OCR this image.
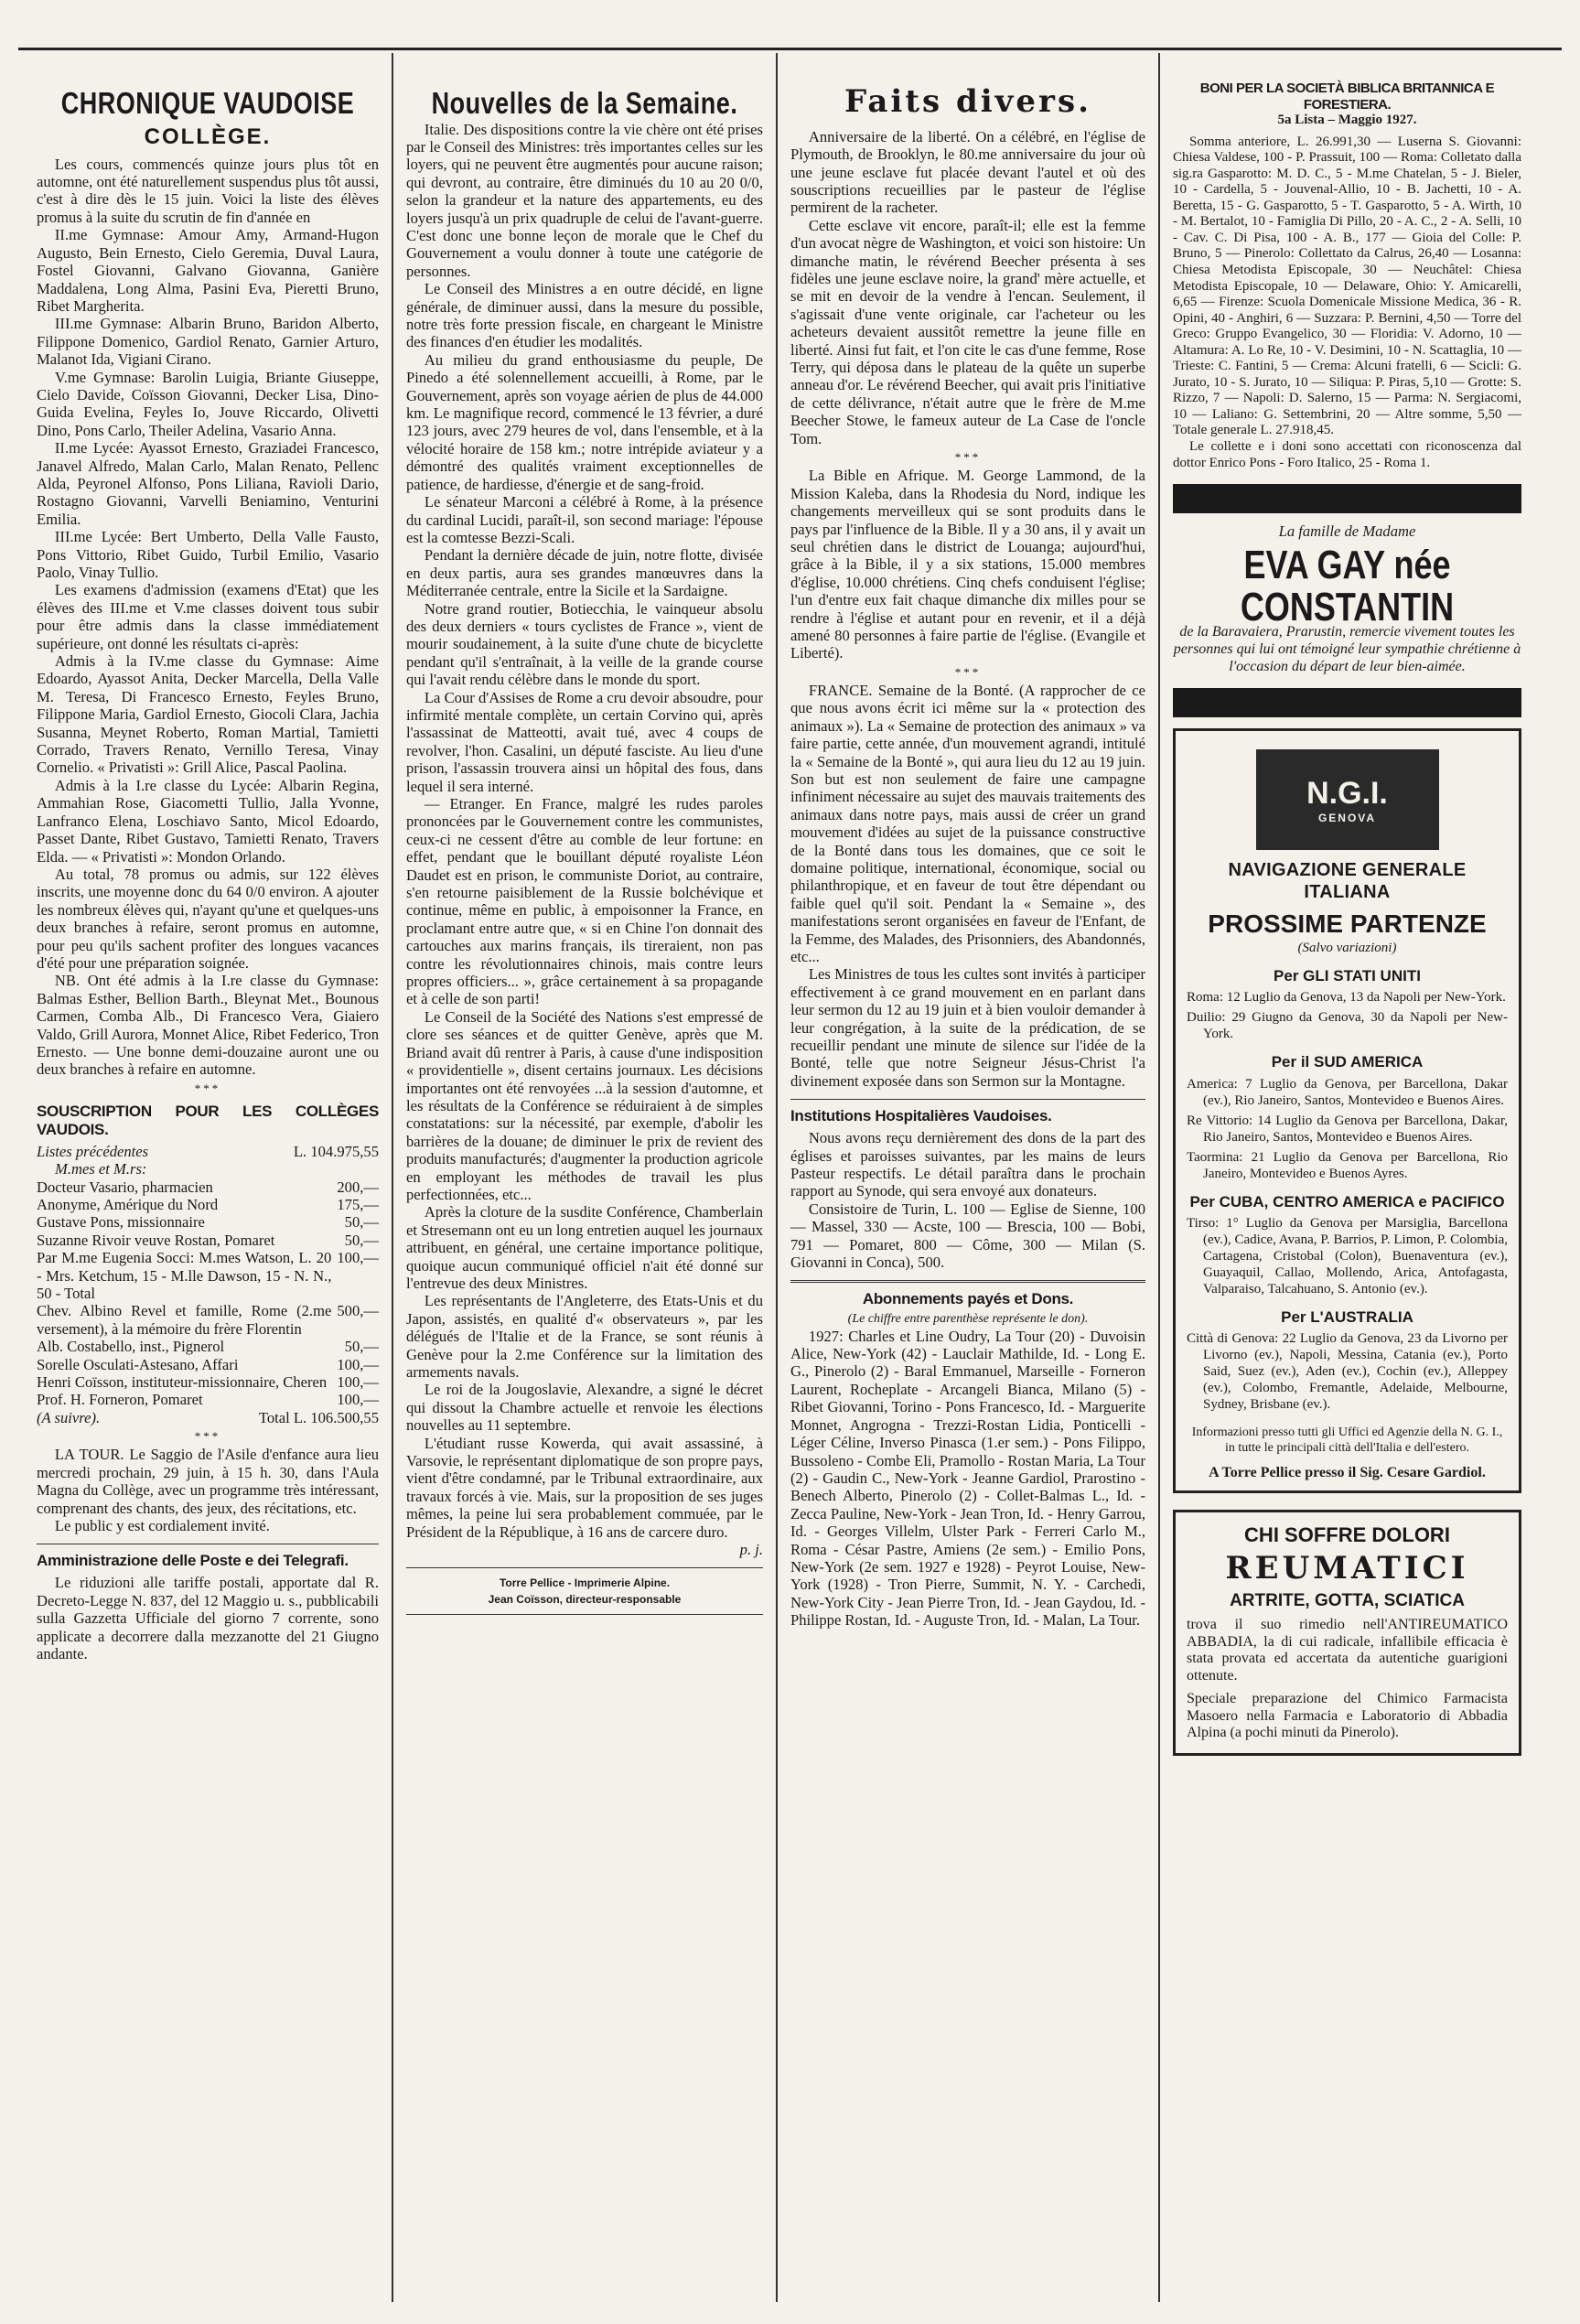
CHRONIQUE VAUDOISE
COLLÈGE.

Les cours, commencés quinze jours plus tôt en automne, ont été naturellement suspendus plus tôt aussi, c'est à dire dès le 15 juin. Voici la liste des élèves promus à la suite du scrutin de fin d'année en

II.me Gymnase: Amour Amy, Armand-Hugon Augusto, Bein Ernesto, Cielo Geremia, Duval Laura, Fostel Giovanni, Galvano Giovanna, Ganière Maddalena, Long Alma, Pasini Eva, Pieretti Bruno, Ribet Margherita.

III.me Gymnase: Albarin Bruno, Baridon Alberto, Filippone Domenico, Gardiol Renato, Garnier Arturo, Malanot Ida, Vigiani Cirano.

V.me Gymnase: Barolin Luigia, Briante Giuseppe, Cielo Davide, Coïsson Giovanni, Decker Lisa, Dino-Guida Evelina, Feyles Io, Jouve Riccardo, Olivetti Dino, Pons Carlo, Theiler Adelina, Vasario Anna.

II.me Lycée: Ayassot Ernesto, Graziadei Francesco, Janavel Alfredo, Malan Carlo, Malan Renato, Pellenc Alda, Peyronel Alfonso, Pons Liliana, Ravioli Dario, Rostagno Giovanni, Varvelli Beniamino, Venturini Emilia.

III.me Lycée: Bert Umberto, Della Valle Fausto, Pons Vittorio, Ribet Guido, Turbil Emilio, Vasario Paolo, Vinay Tullio.

Les examens d'admission (examens d'Etat) que les élèves des III.me et V.me classes doivent tous subir pour être admis dans la classe immédiatement supérieure, ont donné les résultats ci-après:

Admis à la IV.me classe du Gymnase: Aime Edoardo, Ayassot Anita, Decker Marcella, Della Valle M. Teresa, Di Francesco Ernesto, Feyles Bruno, Filippone Maria, Gardiol Ernesto, Giocoli Clara, Jachia Susanna, Meynet Roberto, Roman Martial, Tamietti Corrado, Travers Renato, Vernillo Teresa, Vinay Cornelio. « Privatisti »: Grill Alice, Pascal Paolina.

Admis à la I.re classe du Lycée: Albarin Regina, Ammahian Rose, Giacometti Tullio, Jalla Yvonne, Lanfranco Elena, Loschiavo Santo, Micol Edoardo, Passet Dante, Ribet Gustavo, Tamietti Renato, Travers Elda. — « Privatisti »: Mondon Orlando.

Au total, 78 promus ou admis, sur 122 élèves inscrits, une moyenne donc du 64 0/0 environ. A ajouter les nombreux élèves qui, n'ayant qu'une et quelques-uns deux branches à refaire, seront promus en automne, pour peu qu'ils sachent profiter des longues vacances d'été pour une préparation soignée.

NB. Ont été admis à la I.re classe du Gymnase: Balmas Esther, Bellion Barth., Bleynat Met., Bounous Carmen, Comba Alb., Di Francesco Vera, Giaiero Valdo, Grill Aurora, Monnet Alice, Ribet Federico, Tron Ernesto. — Une bonne demi-douzaine auront une ou deux branches à refaire en automne.

***
SOUSCRIPTION POUR LES COLLÈGES VAUDOIS.
Listes précédentes	L. 104.975,55
M.mes et M.rs:
Docteur Vasario, pharmacien	200,—
Anonyme, Amérique du Nord	175,—
Gustave Pons, missionnaire	50,—
Suzanne Rivoir veuve Rostan, Pomaret	50,—
Par M.me Eugenia Socci: M.mes Watson, L. 20 - Mrs. Ketchum, 15 - M.lle Dawson, 15 - N. N., 50 - Total
100,—
Chev. Albino Revel et famille, Rome (2.me versement), à la mémoire du frère Florentin
500,—
Alb. Costabello, inst., Pignerol	50,—
Sorelle Osculati-Astesano, Affari	100,—
Henri Coïsson, instituteur-missionnaire, Cheren 100,—
Prof. H. Forneron, Pomaret	100,—
(A suivre).	Total L. 106.500,55
***

LA TOUR. Le Saggio de l'Asile d'enfance aura lieu mercredi prochain, 29 juin, à 15 h. 30, dans l'Aula Magna du Collège, avec un programme très intéressant, comprenant des chants, des jeux, des récitations, etc.

Le public y est cordialement invité.

Amministrazione delle Poste e dei Telegrafi.

Le riduzioni alle tariffe postali, apportate dal R. Decreto-Legge N. 837, del 12 Maggio u. s., pubblicabili sulla Gazzetta Ufficiale del giorno 7 corrente, sono applicate a decorrere dalla mezzanotte del 21 Giugno andante.

Nouvelles de la Semaine.

Italie. Des dispositions contre la vie chère ont été prises par le Conseil des Ministres: très importantes celles sur les loyers, qui ne peuvent être augmentés pour aucune raison; qui devront, au contraire, être diminués du 10 au 20 0/0, selon la grandeur et la nature des appartements, eu des loyers jusqu'à un prix quadruple de celui de l'avant-guerre. C'est donc une bonne leçon de morale que le Chef du Gouvernement a voulu donner à toute une catégorie de personnes.

Le Conseil des Ministres a en outre décidé, en ligne générale, de diminuer aussi, dans la mesure du possible, notre très forte pression fiscale, en chargeant le Ministre des finances d'en étudier les modalités.

Au milieu du grand enthousiasme du peuple, De Pinedo a été solennellement accueilli, à Rome, par le Gouvernement, après son voyage aérien de plus de 44.000 km. Le magnifique record, commencé le 13 février, a duré 123 jours, avec 279 heures de vol, dans l'ensemble, et à la vélocité horaire de 158 km.; notre intrépide aviateur y a démontré des qualités vraiment exceptionnelles de patience, de hardiesse, d'énergie et de sang-froid.

Le sénateur Marconi a célébré à Rome, à la présence du cardinal Lucidi, paraît-il, son second mariage: l'épouse est la comtesse Bezzi-Scali.

Pendant la dernière décade de juin, notre flotte, divisée en deux partis, aura ses grandes manœuvres dans la Méditerranée centrale, entre la Sicile et la Sardaigne.

Notre grand routier, Botiecchia, le vainqueur absolu des deux derniers « tours cyclistes de France », vient de mourir soudainement, à la suite d'une chute de bicyclette pendant qu'il s'entraînait, à la veille de la grande course qui l'avait rendu célèbre dans le monde du sport.

La Cour d'Assises de Rome a cru devoir absoudre, pour infirmité mentale complète, un certain Corvino qui, après l'assassinat de Matteotti, avait tué, avec 4 coups de revolver, l'hon. Casalini, un député fasciste. Au lieu d'une prison, l'assassin trouvera ainsi un hôpital des fous, dans lequel il sera interné.

— Etranger. En France, malgré les rudes paroles prononcées par le Gouvernement contre les communistes, ceux-ci ne cessent d'être au comble de leur fortune: en effet, pendant que le bouillant député royaliste Léon Daudet est en prison, le communiste Doriot, au contraire, s'en retourne paisiblement de la Russie bolchévique et continue, même en public, à empoisonner la France, en proclamant entre autre que, « si en Chine l'on donnait des cartouches aux marins français, ils tireraient, non pas contre les révolutionnaires chinois, mais contre leurs propres officiers... », grâce certainement à sa propagande et à celle de son parti!

Le Conseil de la Société des Nations s'est empressé de clore ses séances et de quitter Genève, après que M. Briand avait dû rentrer à Paris, à cause d'une indisposition « providentielle », disent certains journaux. Les décisions importantes ont été renvoyées ...à la session d'automne, et les résultats de la Conférence se réduiraient à de simples constatations: sur la nécessité, par exemple, d'abolir les barrières de la douane; de diminuer le prix de revient des produits manufacturés; d'augmenter la production agricole en employant les méthodes de travail les plus perfectionnées, etc...

Après la cloture de la susdite Conférence, Chamberlain et Stresemann ont eu un long entretien auquel les journaux attribuent, en général, une certaine importance politique, quoique aucun communiqué officiel n'ait été donné sur l'entrevue des deux Ministres.

Les représentants de l'Angleterre, des Etats-Unis et du Japon, assistés, en qualité d'« observateurs », par les délégués de l'Italie et de la France, se sont réunis à Genève pour la 2.me Conférence sur la limitation des armements navals.

Le roi de la Jougoslavie, Alexandre, a signé le décret qui dissout la Chambre actuelle et renvoie les élections nouvelles au 11 septembre.

L'étudiant russe Kowerda, qui avait assassiné, à Varsovie, le représentant diplomatique de son propre pays, vient d'être condamné, par le Tribunal extraordinaire, aux travaux forcés à vie. Mais, sur la proposition de ses juges mêmes, la peine lui sera probablement commuée, par le Président de la République, à 16 ans de carcere duro.

p. j.
Torre Pellice - Imprimerie Alpine.
Jean Coïsson, directeur-responsable
Faits divers.

Anniversaire de la liberté. On a célébré, en l'église de Plymouth, de Brooklyn, le 80.me anniversaire du jour où une jeune esclave fut placée devant l'autel et où des souscriptions recueillies par le pasteur de l'église permirent de la racheter.

Cette esclave vit encore, paraît-il; elle est la femme d'un avocat nègre de Washington, et voici son histoire: Un dimanche matin, le révérend Beecher présenta à ses fidèles une jeune esclave noire, la grand' mère actuelle, et se mit en devoir de la vendre à l'encan. Seulement, il s'agissait d'une vente originale, car l'acheteur ou les acheteurs devaient aussitôt remettre la jeune fille en liberté. Ainsi fut fait, et l'on cite le cas d'une femme, Rose Terry, qui déposa dans le plateau de la quête un superbe anneau d'or. Le révérend Beecher, qui avait pris l'initiative de cette délivrance, n'était autre que le frère de M.me Beecher Stowe, le fameux auteur de La Case de l'oncle Tom.

***

La Bible en Afrique. M. George Lammond, de la Mission Kaleba, dans la Rhodesia du Nord, indique les changements merveilleux qui se sont produits dans le pays par l'influence de la Bible. Il y a 30 ans, il y avait un seul chrétien dans le district de Louanga; aujourd'hui, grâce à la Bible, il y a six stations, 15.000 membres d'église, 10.000 chrétiens. Cinq chefs conduisent l'église; l'un d'entre eux fait chaque dimanche dix milles pour se rendre à l'église et autant pour en revenir, et il a déjà amené 80 personnes à faire partie de l'église. (Evangile et Liberté).

***

FRANCE. Semaine de la Bonté. (A rapprocher de ce que nous avons écrit ici même sur la « protection des animaux »). La « Semaine de protection des animaux » va faire partie, cette année, d'un mouvement agrandi, intitulé la « Semaine de la Bonté », qui aura lieu du 12 au 19 juin. Son but est non seulement de faire une campagne infiniment nécessaire au sujet des mauvais traitements des animaux dans notre pays, mais aussi de créer un grand mouvement d'idées au sujet de la puissance constructive de la Bonté dans tous les domaines, que ce soit le domaine politique, international, économique, social ou philanthropique, et en faveur de tout être dépendant ou faible quel qu'il soit. Pendant la « Semaine », des manifestations seront organisées en faveur de l'Enfant, de la Femme, des Malades, des Prisonniers, des Abandonnés, etc...

Les Ministres de tous les cultes sont invités à participer effectivement à ce grand mouvement en en parlant dans leur sermon du 12 au 19 juin et à bien vouloir demander à leur congrégation, à la suite de la prédication, de se recueillir pendant une minute de silence sur l'idée de la Bonté, telle que notre Seigneur Jésus-Christ l'a divinement exposée dans son Sermon sur la Montagne.

Institutions Hospitalières Vaudoises.

Nous avons reçu dernièrement des dons de la part des églises et paroisses suivantes, par les mains de leurs Pasteur respectifs. Le détail paraîtra dans le prochain rapport au Synode, qui sera envoyé aux donateurs.

Consistoire de Turin, L. 100 — Eglise de Sienne, 100 — Massel, 330 — Acste, 100 — Brescia, 100 — Bobi, 791 — Pomaret, 800 — Côme, 300 — Milan (S. Giovanni in Conca), 500.

Abonnements payés et Dons.
(Le chiffre entre parenthèse représente le don).

1927: Charles et Line Oudry, La Tour (20) - Duvoisin Alice, New-York (42) - Lauclair Mathilde, Id. - Long E. G., Pinerolo (2) - Baral Emmanuel, Marseille - Forneron Laurent, Rocheplate - Arcangeli Bianca, Milano (5) - Ribet Giovanni, Torino - Pons Francesco, Id. - Marguerite Monnet, Angrogna - Trezzi-Rostan Lidia, Ponticelli - Léger Céline, Inverso Pinasca (1.er sem.) - Pons Filippo, Bussoleno - Combe Eli, Pramollo - Rostan Maria, La Tour (2) - Gaudin C., New-York - Jeanne Gardiol, Prarostino - Benech Alberto, Pinerolo (2) - Collet-Balmas L., Id. - Zecca Pauline, New-York - Jean Tron, Id. - Henry Garrou, Id. - Georges Villelm, Ulster Park - Ferreri Carlo M., Roma - César Pastre, Amiens (2e sem.) - Emilio Pons, New-York (2e sem. 1927 e 1928) - Peyrot Louise, New-York (1928) - Tron Pierre, Summit, N. Y. - Carchedi, New-York City - Jean Pierre Tron, Id. - Jean Gaydou, Id. - Philippe Rostan, Id. - Auguste Tron, Id. - Malan, La Tour.

BONI PER LA SOCIETÀ BIBLICA BRITANNICA E FORESTIERA.
5a Lista – Maggio 1927.

Somma anteriore, L. 26.991,30 — Luserna S. Giovanni: Chiesa Valdese, 100 - P. Prassuit, 100 — Roma: Colletato dalla sig.ra Gasparotto: M. D. C., 5 - M.me Chatelan, 5 - J. Bieler, 10 - Cardella, 5 - Jouvenal-Allio, 10 - B. Jachetti, 10 - A. Beretta, 15 - G. Gasparotto, 5 - T. Gasparotto, 5 - A. Wirth, 10 - M. Bertalot, 10 - Famiglia Di Pillo, 20 - A. C., 2 - A. Selli, 10 - Cav. C. Di Pisa, 100 - A. B., 177 — Gioia del Colle: P. Bruno, 5 — Pinerolo: Collettato da Calrus, 26,40 — Losanna: Chiesa Metodista Episcopale, 30 — Neuchâtel: Chiesa Metodista Episcopale, 10 — Delaware, Ohio: Y. Amicarelli, 6,65 — Firenze: Scuola Domenicale Missione Medica, 36 - R. Opini, 40 - Anghiri, 6 — Suzzara: P. Bernini, 4,50 — Torre del Greco: Gruppo Evangelico, 30 — Floridia: V. Adorno, 10 — Altamura: A. Lo Re, 10 - V. Desimini, 10 - N. Scattaglia, 10 — Trieste: C. Fantini, 5 — Crema: Alcuni fratelli, 6 — Scicli: G. Jurato, 10 - S. Jurato, 10 — Siliqua: P. Piras, 5,10 — Grotte: S. Rizzo, 7 — Napoli: D. Salerno, 15 — Parma: N. Sergiacomi, 10 — Laliano: G. Settembrini, 20 — Altre somme, 5,50 — Totale generale L. 27.918,45.

Le collette e i doni sono accettati con riconoscenza dal dottor Enrico Pons - Foro Italico, 25 - Roma 1.

La famille de Madame
EVA GAY née CONSTANTIN
de la Baravaiera, Prarustin, remercie vivement toutes les personnes qui lui ont témoigné leur sympathie chrétienne à l'occasion du départ de leur bien-aimée.
N.G.I.
GENOVA
NAVIGAZIONE GENERALE ITALIANA
PROSSIME PARTENZE
(Salvo variazioni)
Per GLI STATI UNITI
Roma: 12 Luglio da Genova, 13 da Napoli per New-York.
Duilio: 29 Giugno da Genova, 30 da Napoli per New-York.
Per il SUD AMERICA
America: 7 Luglio da Genova, per Barcellona, Dakar (ev.), Rio Janeiro, Santos, Montevideo e Buenos Aires.
Re Vittorio: 14 Luglio da Genova per Barcellona, Dakar, Rio Janeiro, Santos, Montevideo e Buenos Aires.
Taormina: 21 Luglio da Genova per Barcellona, Rio Janeiro, Montevideo e Buenos Ayres.
Per CUBA, CENTRO AMERICA e PACIFICO
Tirso: 1° Luglio da Genova per Marsiglia, Barcellona (ev.), Cadice, Avana, P. Barrios, P. Limon, P. Colombia, Cartagena, Cristobal (Colon), Buenaventura (ev.), Guayaquil, Callao, Mollendo, Arica, Antofagasta, Valparaiso, Talcahuano, S. Antonio (ev.).
Per L'AUSTRALIA
Città di Genova: 22 Luglio da Genova, 23 da Livorno per Livorno (ev.), Napoli, Messina, Catania (ev.), Porto Said, Suez (ev.), Aden (ev.), Cochin (ev.), Alleppey (ev.), Colombo, Fremantle, Adelaide, Melbourne, Sydney, Brisbane (ev.).
Informazioni presso tutti gli Uffici ed Agenzie della N. G. I., in tutte le principali città dell'Italia e dell'estero.
A Torre Pellice presso il Sig. Cesare Gardiol.
CHI SOFFRE DOLORI
REUMATICI
ARTRITE, GOTTA, SCIATICA
trova il suo rimedio nell'ANTIREUMATICO ABBADIA, la di cui radicale, infallibile efficacia è stata provata ed accertata da autentiche guarigioni ottenute.
Speciale preparazione del Chimico Farmacista Masoero nella Farmacia e Laboratorio di Abbadia Alpina (a pochi minuti da Pinerolo).
